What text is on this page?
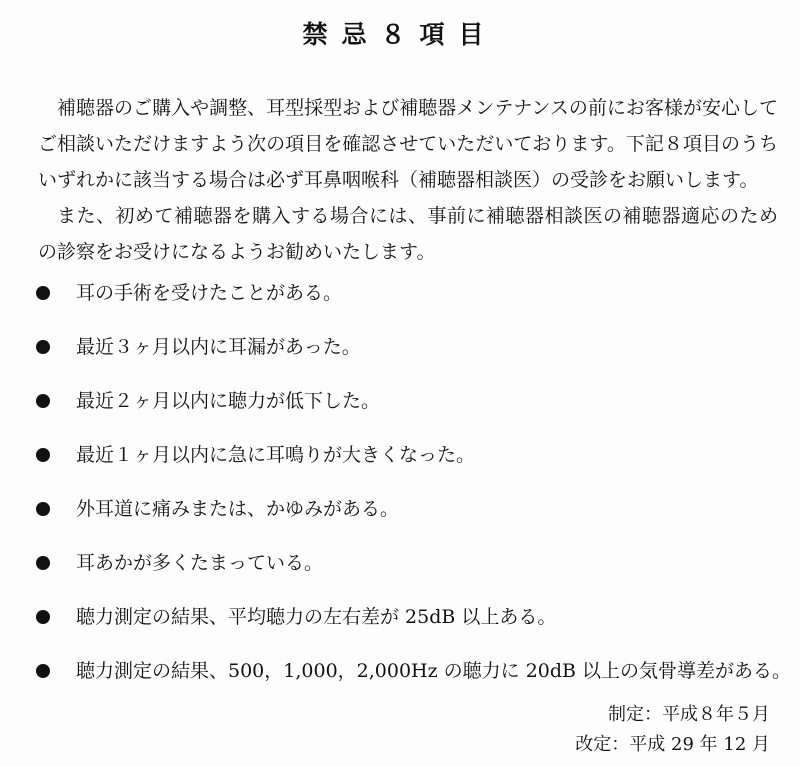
禁忌８項目

補聴器のご購入や調整、耳型採型および補聴器メンテナンスの前にお客様が安心してご相談いただけますよう次の項目を確認させていただいております。下記８項目のうちいずれかに該当する場合は必ず耳鼻咽喉科（補聴器相談医）の受診をお願いします。

また、初めて補聴器を購入する場合には、事前に補聴器相談医の補聴器適応のための診察をお受けになるようお勧めいたします。

耳の手術を受けたことがある。
最近３ヶ月以内に耳漏があった。
最近２ヶ月以内に聴力が低下した。
最近１ヶ月以内に急に耳鳴りが大きくなった。
外耳道に痛みまたは、かゆみがある。
耳あかが多くたまっている。
聴力測定の結果、平均聴力の左右差が 25dB 以上ある。
聴力測定の結果、500，1,000，2,000Hz の聴力に 20dB 以上の気骨導差がある。
制定：平成８年５月
改定：平成 29 年 12 月
